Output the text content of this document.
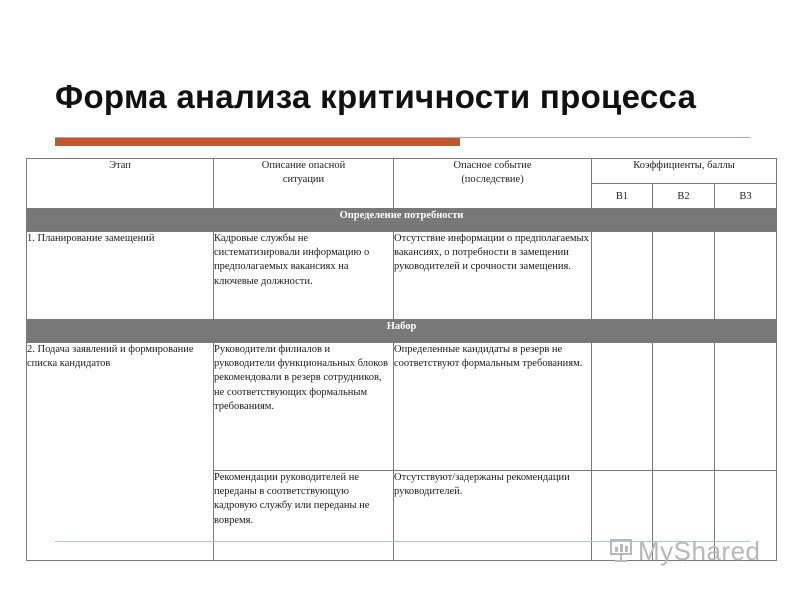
Форма анализа критичности процесса
Этап	Описание опасной ситуации	Опасное событие (последствие)	Коэффициенты, баллы		
			В1	В2	В3
Определение потребности					
1. Планирование замещений	Кадровые службы не систематизировали информацию о предполагаемых вакансиях на ключевые должности.	Отсутствие информации о предполагаемых вакансиях, о потребности в замещении руководителей и срочности замещения.			
Набор					
2. Подача заявлений и формирование списка кандидатов	Руководители филиалов и руководители функциональных блоков рекомендовали в резерв сотрудников, не соответствующих формальным требованиям.	Определенные кандидаты в резерв не соответствуют формальным требованиям.			
	Рекомендации руководителей не переданы в соответствующую кадровую службу или переданы не вовремя.	Отсутствуют/задержаны рекомендации руководителей.			
MyShared
